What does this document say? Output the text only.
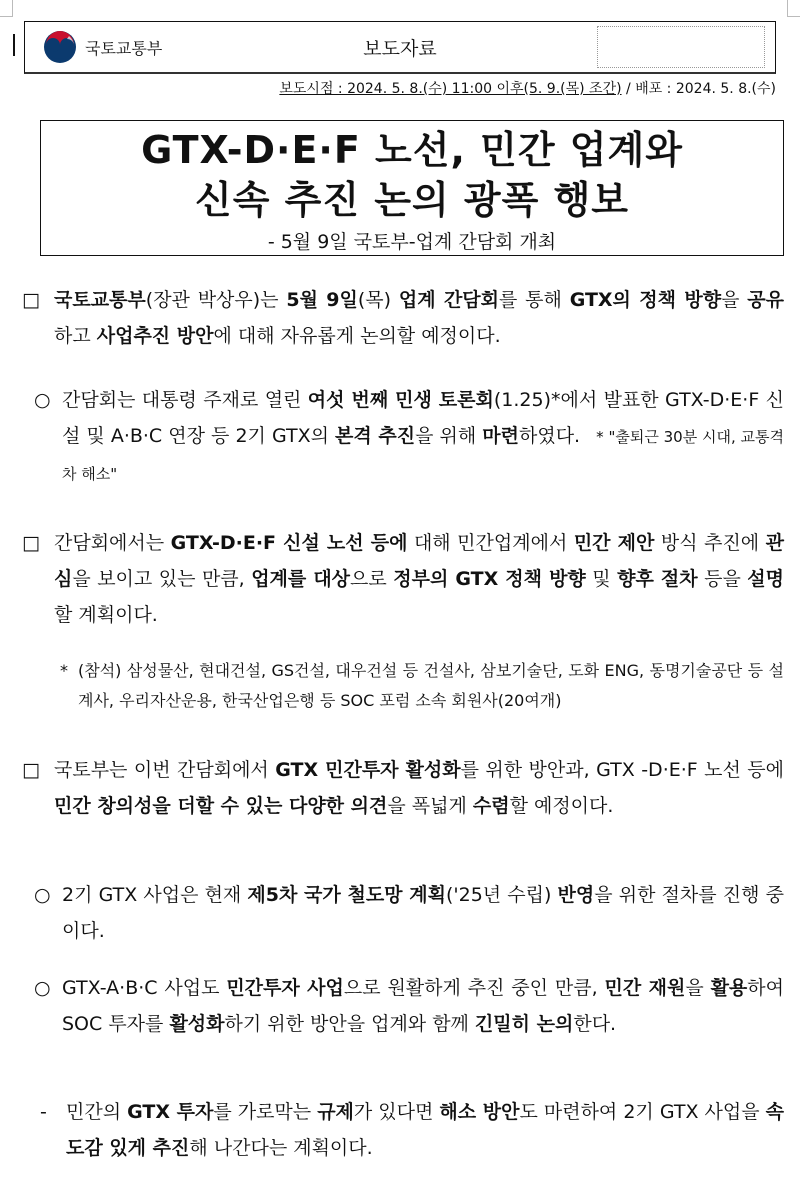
국토교통부	보도자료
보도시점 : 2024. 5. 8.(수) 11:00 이후(5. 9.(목) 조간) / 배포 : 2024. 5. 8.(수)
GTX-D·E·F 노선, 민간 업계와
신속 추진 논의 광폭 행보
- 5월 9일 국토부-업계 간담회 개최
□ 국토교통부(장관 박상우)는 5월 9일(목) 업계 간담회를 통해 GTX의 정책 방향을 공유하고 사업추진 방안에 대해 자유롭게 논의할 예정이다.
○ 간담회는 대통령 주재로 열린 여섯 번째 민생 토론회(1.25)*에서 발표한 GTX-D·E·F 신설 및 A·B·C 연장 등 2기 GTX의 본격 추진을 위해 마련하였다. * "출퇴근 30분 시대, 교통격차 해소"
□ 간담회에서는 GTX-D·E·F 신설 노선 등에 대해 민간업계에서 민간 제안 방식 추진에 관심을 보이고 있는 만큼, 업계를 대상으로 정부의 GTX 정책 방향 및 향후 절차 등을 설명할 계획이다.
* (참석) 삼성물산, 현대건설, GS건설, 대우건설 등 건설사, 삼보기술단, 도화 ENG, 동명기술공단 등 설계사, 우리자산운용, 한국산업은행 등 SOC 포럼 소속 회원사(20여개)
□ 국토부는 이번 간담회에서 GTX 민간투자 활성화를 위한 방안과, GTX -D·E·F 노선 등에 민간 창의성을 더할 수 있는 다양한 의견을 폭넓게 수렴할 예정이다.
○ 2기 GTX 사업은 현재 제5차 국가 철도망 계획('25년 수립) 반영을 위한 절차를 진행 중이다.
○ GTX-A·B·C 사업도 민간투자 사업으로 원활하게 추진 중인 만큼, 민간 재원을 활용하여 SOC 투자를 활성화하기 위한 방안을 업계와 함께 긴밀히 논의한다.
- 민간의 GTX 투자를 가로막는 규제가 있다면 해소 방안도 마련하여 2기 GTX 사업을 속도감 있게 추진해 나간다는 계획이다.
